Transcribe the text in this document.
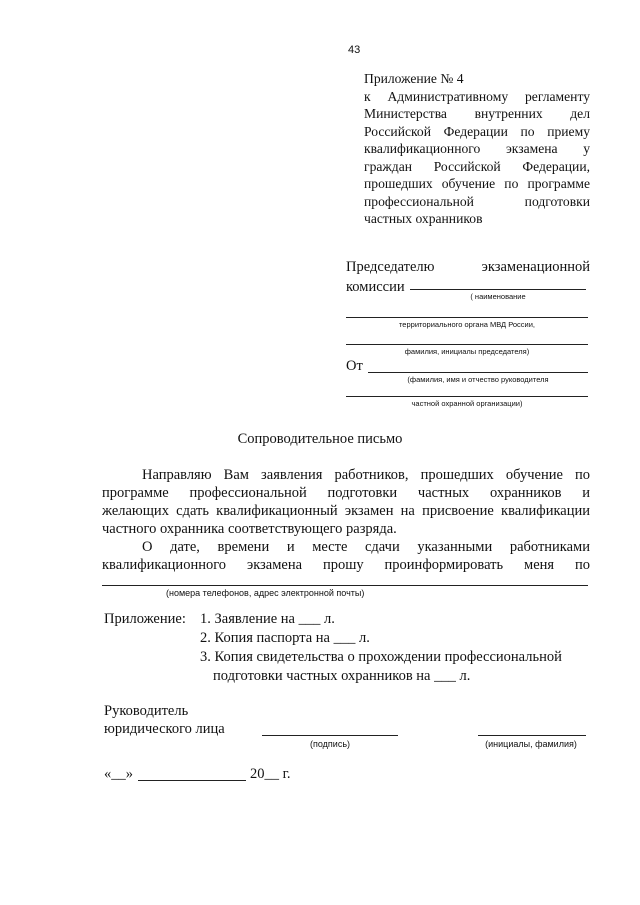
43
Приложение № 4
к Административному регламенту
Министерства внутренних дел
Российской Федерации по приему
квалификационного экзамена у
граждан Российской Федерации,
прошедших обучение по программе
профессиональной подготовки
частных охранников
Председателю экзаменационной
комиссии
( наименование
территориального органа МВД России,
фамилия, инициалы председателя)
От
(фамилия, имя и отчество руководителя
частной охранной организации)
Сопроводительное письмо
Направляю Вам заявления работников, прошедших обучение по
программе профессиональной подготовки частных охранников и
желающих сдать квалификационный экзамен на присвоение квалификации
частного охранника соответствующего разряда.
О дате, времени и месте сдачи указанными работниками
квалификационного экзамена прошу проинформировать меня по
(номера телефонов, адрес электронной почты)
Приложение: 1. Заявление на ___ л.
2. Копия паспорта на ___ л.
3. Копия свидетельства о прохождении профессиональной
подготовки частных охранников на ___ л.
Руководитель
юридического лица
(подпись)	(инициалы, фамилия)
«__»	20__ г.
